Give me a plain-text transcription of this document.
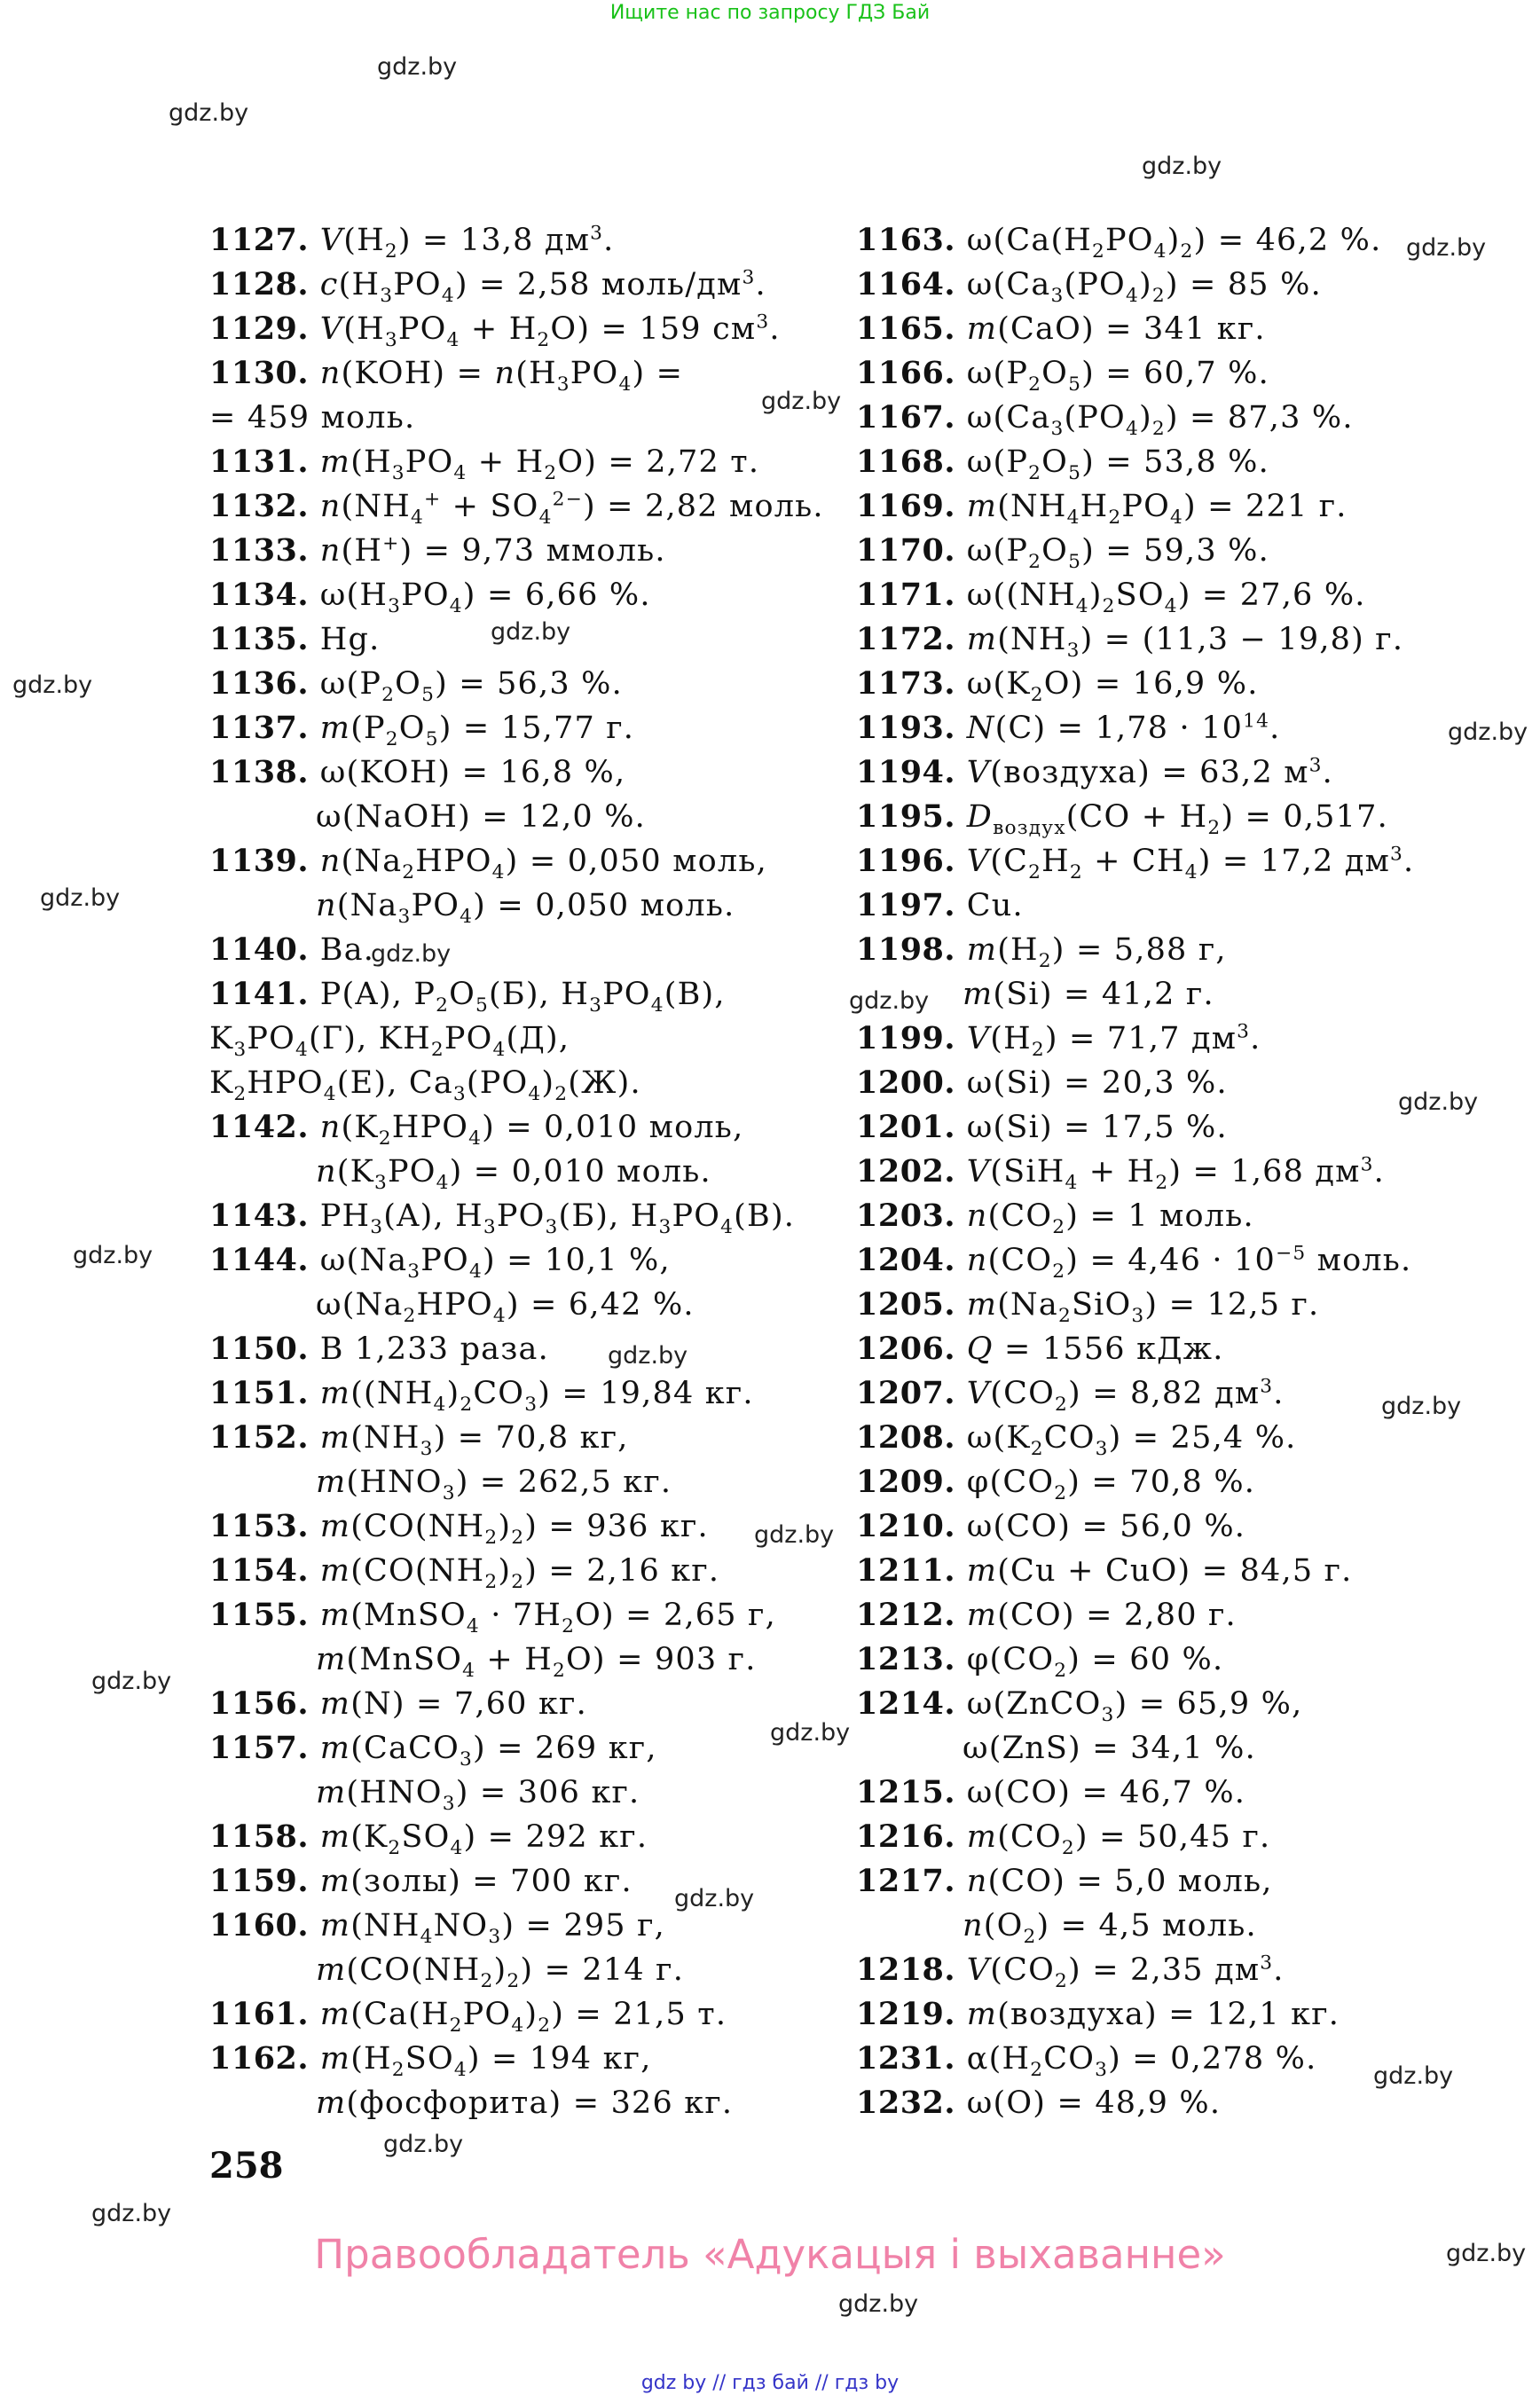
Ищите нас по запросу ГДЗ Бай
gdz.by
gdz.by
gdz.by
gdz.by
gdz.by
gdz.by
gdz.by
gdz.by
gdz.by
gdz.by
gdz.by
gdz.by
gdz.by
gdz.by
gdz.by
gdz.by
gdz.by
gdz.by
gdz.by
gdz.by
gdz.by
gdz.by
gdz.by
gdz.by
1127. $V(H_2) = 13,8$ $дм^3$.
1128. $c(H_3PO_4) = 2,58$ моль/$дм^3$.
1129. $V(H_3PO_4 + H_2O) = 159$ $см^3$.
1130. $n(KOH) = n(H_3PO_4)$ =
= 459 моль.
1131. $m(H_3PO_4 + H_2O) = 2,72$ т.
1132. $n(NH_4^+ + SO_4^{2-}) = 2,82$ моль.
1133. n(H+) = 9,73 ммоль.
1134. $\omega(H_3PO_4) = 6,66$ %.
1135. Hg.
1136. $\omega(P_2O_5) = 56,3$ %.
1137. $m(P_2O_5) = 15,77$ г.
1138. ω(KOH) = 16,8 %,
ω(NaOH) = 12,0 %.
1139. $n(Na_2HPO_4) = 0,050$ моль,
$n(Na_3PO_4) = 0,050$ моль.
1140. Ba.
1141. P(A), $P_2O_5(Б)$, $H_3PO_4(В)$,
$K_3PO_4(Г)$, $KH_2PO_4(Д)$,
$K_2HPO_4(Е)$, $Ca_3(PO_4)_2(Ж)$.
1142. $n(K_2HPO_4) = 0,010$ моль,
$n(K_3PO_4) = 0,010$ моль.
1143. $PH_3(A)$, $H_3PO_3(Б)$, $H_3PO_4(В)$.
1144. $\omega(Na_3PO_4) = 10,1$ %,
$\omega(Na_2HPO_4) = 6,42$ %.
1150. В 1,233 раза.
1151. $m((NH_4)_2CO_3) = 19,84$ кг.
1152. $m(NH_3) = 70,8$ кг,
$m(HNO_3) = 262,5$ кг.
1153. $m(CO(NH_2)_2) = 936$ кг.
1154. $m(CO(NH_2)_2) = 2,16$ кг.
1155. m(MnSO$_4$ · $7H_2O) = 2,65$ г,
m(MnSO$_4$ + $H_2O) = 903$ г.
1156. m(N) = 7,60 кг.
1157. m(CaCO$_3$) = 269 кг,
$m(HNO_3) = 306$ кг.
1158. $m(K_2SO_4) = 292$ кг.
1159. m(золы) = 700 кг.
1160. $m(NH_4NO_3) = 295$ г,
$m(CO(NH_2)_2) = 214$ г.
1161. $m(Ca(H_2PO_4)_2) = 21,5$ т.
1162. $m(H_2SO_4) = 194$ кг,
m(фосфорита) = 326 кг.
1163. $\omega(Ca(H_2PO_4)_2) = 46,2$ %.
1164. $\omega(Ca_3(PO_4)_2) = 85$ %.
1165. m(CaO) = 341 кг.
1166. $\omega(P_2O_5) = 60,7$ %.
1167. $\omega(Ca_3(PO_4)_2) = 87,3$ %.
1168. $\omega(P_2O_5) = 53,8$ %.
1169. $m(NH_4H_2PO_4) = 221$ г.
1170. $\omega(P_2O_5) = 59,3$ %.
1171. $\omega((NH_4)_2SO_4) = 27,6$ %.
1172. $m(NH_3) = (11,3 - 19,8)$ г.
1173. $\omega(K_2O) = 16,9$ %.
1193. $N(C) = 1,78 \cdot 10^{14}$.
1194. V(воздуха) = 63,2 $м^3$.
1195. $D_{воздух}(CO + H_2) = 0,517$.
1196. $V(C_2H_2 + CH_4) = 17,2$ $дм^3$.
1197. Cu.
1198. $m(H_2) = 5,88$ г,
m(Si) = 41,2 г.
1199. $V(H_2) = 71,7$ $дм^3$.
1200. ω(Si) = 20,3 %.
1201. ω(Si) = 17,5 %.
1202. $V(SiH_4 + H_2) = 1,68$ $дм^3$.
1203. $n(CO_2) = 1$ моль.
1204. $n(CO_2) = 4,46 \cdot 10^{-5}$ моль.
1205. $m(Na_2SiO_3) = 12,5$ г.
1206. Q = 1556 кДж.
1207. $V(CO_2) = 8,82$ $дм^3$.
1208. $\omega(K_2CO_3) = 25,4$ %.
1209. $\varphi(CO_2) = 70,8$ %.
1210. ω(CO) = 56,0 %.
1211. m(Cu + CuO) = 84,5 г.
1212. m(CO) = 2,80 г.
1213. $\varphi(CO_2) = 60$ %.
1214. ω(ZnCO$_3$) = 65,9 %,
ω(ZnS) = 34,1 %.
1215. ω(CO) = 46,7 %.
1216. $m(CO_2) = 50,45$ г.
1217. n(CO) = 5,0 моль,
$n(O_2) = 4,5$ моль.
1218. $V(CO_2) = 2,35$ $дм^3$.
1219. m(воздуха) = 12,1 кг.
1231. $\alpha(H_2CO_3) = 0,278$ %.
1232. ω(O) = 48,9 %.
258
Правообладатель «Адукацыя і выхаванне»
gdz by // гдз бай // гдз by
